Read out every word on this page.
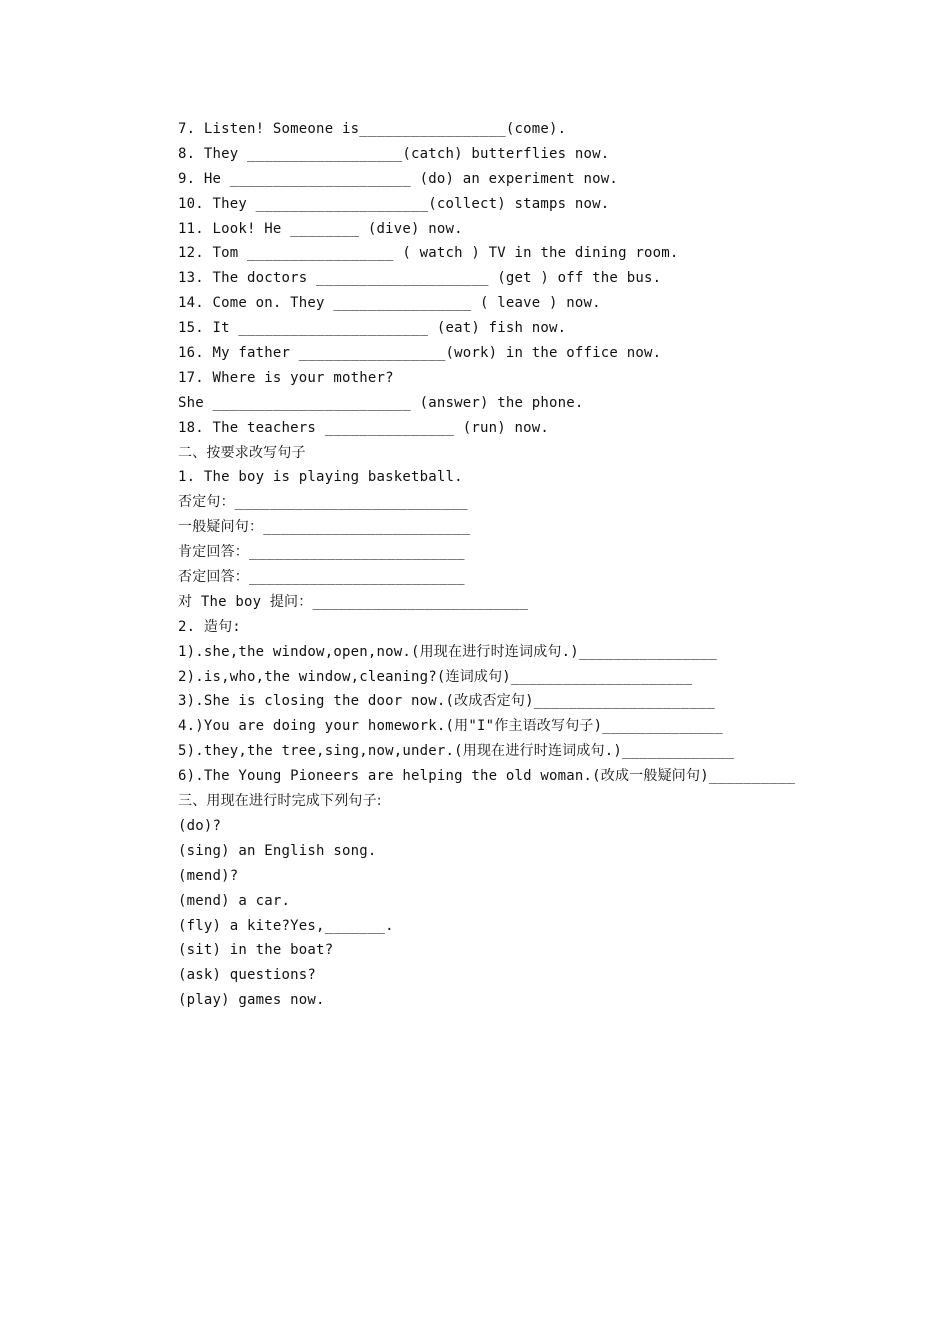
7. Listen! Someone is_________________(come).
8. They __________________(catch) butterflies now.
9. He _____________________ (do) an experiment now.
10. They ____________________(collect) stamps now.
11. Look! He ________ (dive) now.
12. Tom _________________ ( watch ) TV in the dining room.
13. The doctors ____________________ (get ) off the bus.
14. Come on. They ________________ ( leave ) now.
15. It ______________________ (eat) fish now.
16. My father _________________(work) in the office now.
17. Where is your mother?
She _______________________ (answer) the phone.
18. The teachers _______________ (run) now.
二、按要求改写句子
1. The boy is playing basketball.
否定句：___________________________
一般疑问句：________________________
肯定回答：_________________________
否定回答：_________________________
对 The boy 提问：_________________________
2. 造句:
1).she,the window,open,now.(用现在进行时连词成句.)________________
2).is,who,the window,cleaning?(连词成句)_____________________
3).She is closing the door now.(改成否定句)_____________________
4.)You are doing your homework.(用"I"作主语改写句子)______________
5).they,the tree,sing,now,under.(用现在进行时连词成句.)_____________
6).The Young Pioneers are helping the old woman.(改成一般疑问句)__________
三、用现在进行时完成下列句子:
(do)?
(sing) an English song.
(mend)?
(mend) a car.
(fly) a kite?Yes,_______.
(sit) in the boat?
(ask) questions?
(play) games now.
